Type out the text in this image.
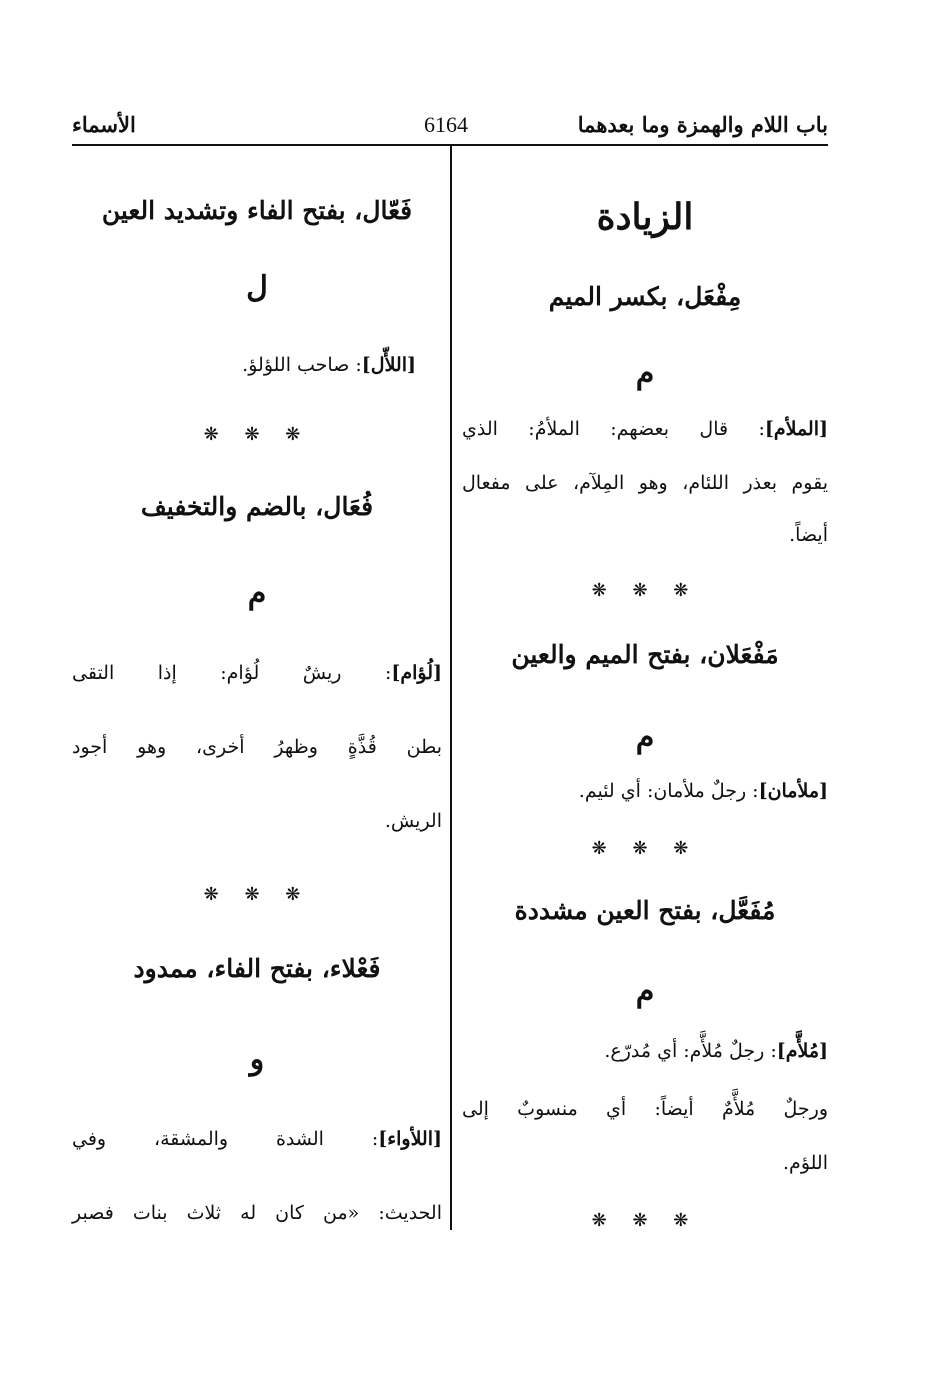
باب اللام والهمزة وما بعدهما
6164
الأسماء
الزيادة
مِفْعَل، بكسر الميم
م
[الملأم]: قال بعضهم: الملأمُ: الذي
يقوم بعذر اللئام، وهو المِلآم، على مفعال
أيضاً.
❋ ❋ ❋
مَفْعَلان، بفتح الميم والعين
م
[ملأمان]: رجلٌ ملأمان: أي لئيم.
❋ ❋ ❋
مُفَعَّل، بفتح العين مشددة
م
[مُلأَّم]: رجلٌ مُلأَّم: أي مُدرّع.
ورجلٌ مُلأَّمٌ أيضاً: أي منسوبٌ إلى
اللؤم.
❋ ❋ ❋
فَعّال، بفتح الفاء وتشديد العين
ل
[اللأّل]: صاحب اللؤلؤ.
❋ ❋ ❋
فُعَال، بالضم والتخفيف
م
[لُؤام]: ريشٌ لُؤام: إذا التقى
بطن قُذَّةٍ وظهرُ أخرى، وهو أجود
الريش.
❋ ❋ ❋
فَعْلاء، بفتح الفاء، ممدود
و
[اللأواء]: الشدة والمشقة، وفي
الحديث: «من كان له ثلاث بنات فصبر
